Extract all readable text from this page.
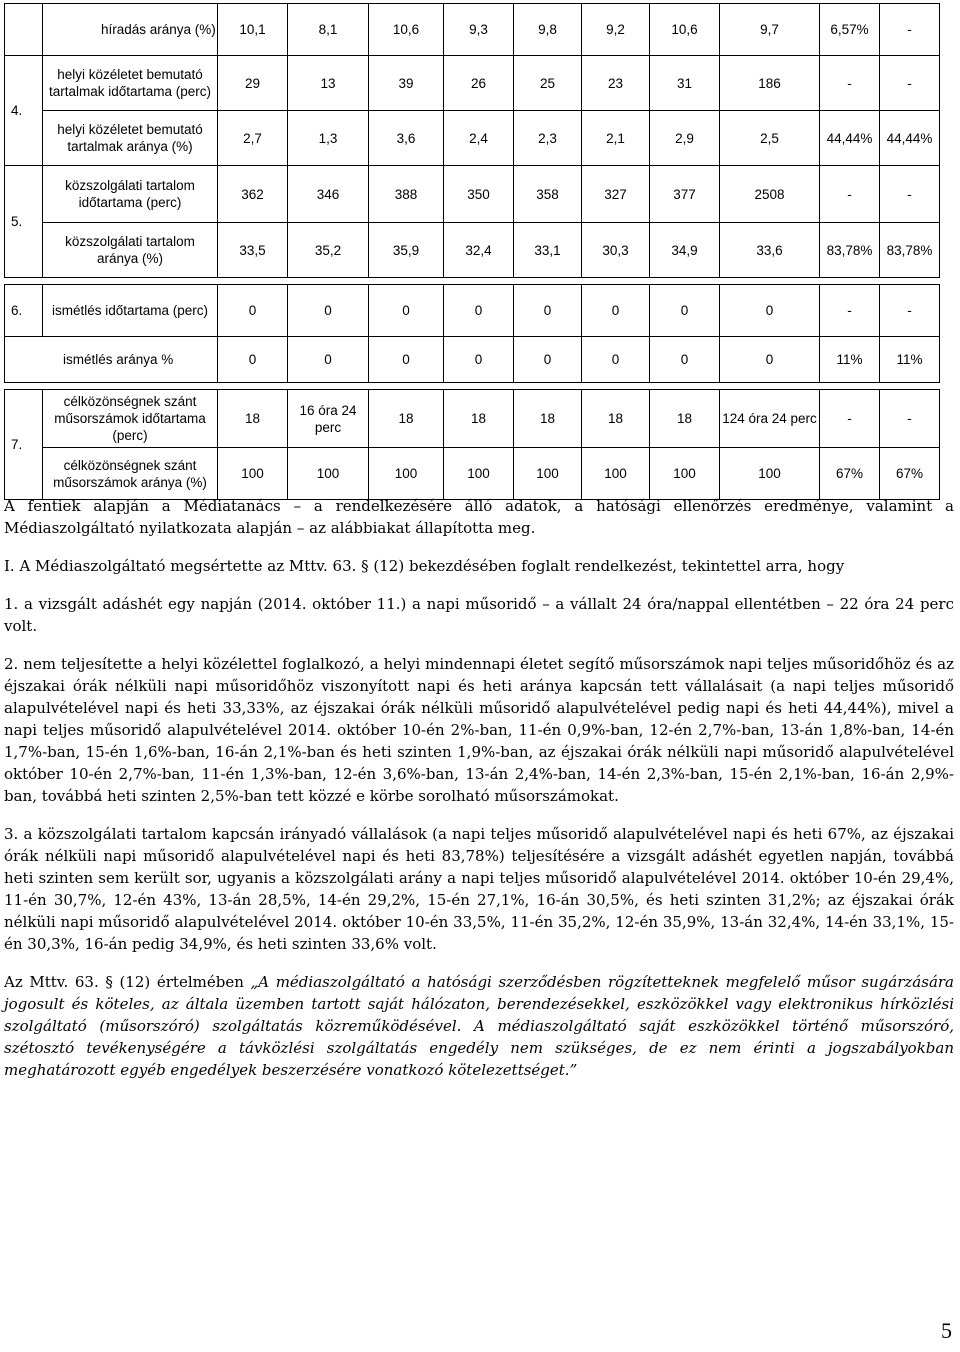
	híradás aránya (%)	10,1	8,1	10,6	9,3	9,8	9,2	10,6	9,7	6,57%	-
4.	helyi közéletet bemutató tartalmak időtartama (perc)	29	13	39	26	25	23	31	186	-	-
	helyi közéletet bemutató tartalmak aránya (%)	2,7	1,3	3,6	2,4	2,3	2,1	2,9	2,5	44,44%	44,44%
5.	közszolgálati tartalom időtartama (perc)	362	346	388	350	358	327	377	2508	-	-
	közszolgálati tartalom aránya (%)	33,5	35,2	35,9	32,4	33,1	30,3	34,9	33,6	83,78%	83,78%

6.	ismétlés időtartama (perc)	0	0	0	0	0	0	0	0	-	-
ismétlés aránya %		0	0	0	0	0	0	0	0	11%	11%

7.	célközönségnek szánt műsorszámok időtartama (perc)	18	16 óra 24 perc	18	18	18	18	18	124 óra 24 perc	-	-
	célközönségnek szánt műsorszámok aránya (%)	100	100	100	100	100	100	100	100	67%	67%

A fentiek alapján a Médiatanács – a rendelkezésére álló adatok, a hatósági ellenőrzés eredménye, valamint a Médiaszolgáltató nyilatkozata alapján – az alábbiakat állapította meg.

I. A Médiaszolgáltató megsértette az Mttv. 63. § (12) bekezdésében foglalt rendelkezést, tekintettel arra, hogy

1. a vizsgált adáshét egy napján (2014. október 11.) a napi műsoridő – a vállalt 24 óra/nappal ellentétben – 22 óra 24 perc volt.

2. nem teljesítette a helyi közélettel foglalkozó, a helyi mindennapi életet segítő műsorszámok napi teljes műsoridőhöz és az éjszakai órák nélküli napi műsoridőhöz viszonyított napi és heti aránya kapcsán tett vállalásait (a napi teljes műsoridő alapulvételével napi és heti 33,33%, az éjszakai órák nélküli műsoridő alapulvételével pedig napi és heti 44,44%), mivel a napi teljes műsoridő alapulvételével 2014. október 10-én 2%-ban, 11-én 0,9%-ban, 12-én 2,7%-ban, 13-án 1,8%-ban, 14-én 1,7%-ban, 15-én 1,6%-ban, 16-án 2,1%-ban és heti szinten 1,9%-ban, az éjszakai órák nélküli napi műsoridő alapulvételével október 10-én 2,7%-ban, 11-én 1,3%-ban, 12-én 3,6%-ban, 13-án 2,4%-ban, 14-én 2,3%-ban, 15-én 2,1%-ban, 16-án 2,9%-ban, továbbá heti szinten 2,5%-ban tett közzé e körbe sorolható műsorszámokat.

3. a közszolgálati tartalom kapcsán irányadó vállalások (a napi teljes műsoridő alapulvételével napi és heti 67%, az éjszakai órák nélküli napi műsoridő alapulvételével napi és heti 83,78%) teljesítésére a vizsgált adáshét egyetlen napján, továbbá heti szinten sem került sor, ugyanis a közszolgálati arány a napi teljes műsoridő alapulvételével 2014. október 10-én 29,4%, 11-én 30,7%, 12-én 43%, 13-án 28,5%, 14-én 29,2%, 15-én 27,1%, 16-án 30,5%, és heti szinten 31,2%; az éjszakai órák nélküli napi műsoridő alapulvételével 2014. október 10-én 33,5%, 11-én 35,2%, 12-én 35,9%, 13-án 32,4%, 14-én 33,1%, 15-én 30,3%, 16-án pedig 34,9%, és heti szinten 33,6% volt.

Az Mttv. 63. § (12) értelmében „A médiaszolgáltató a hatósági szerződésben rögzítetteknek megfelelő műsor sugárzására jogosult és köteles, az általa üzemben tartott saját hálózaton, berendezésekkel, eszközökkel vagy elektronikus hírközlési szolgáltató (műsorszóró) szolgáltatás közreműködésével. A médiaszolgáltató saját eszközökkel történő műsorszóró, szétosztó tevékenységére a távközlési szolgáltatás engedély nem szükséges, de ez nem érinti a jogszabályokban meghatározott egyéb engedélyek beszerzésére vonatkozó kötelezettséget.”

5
